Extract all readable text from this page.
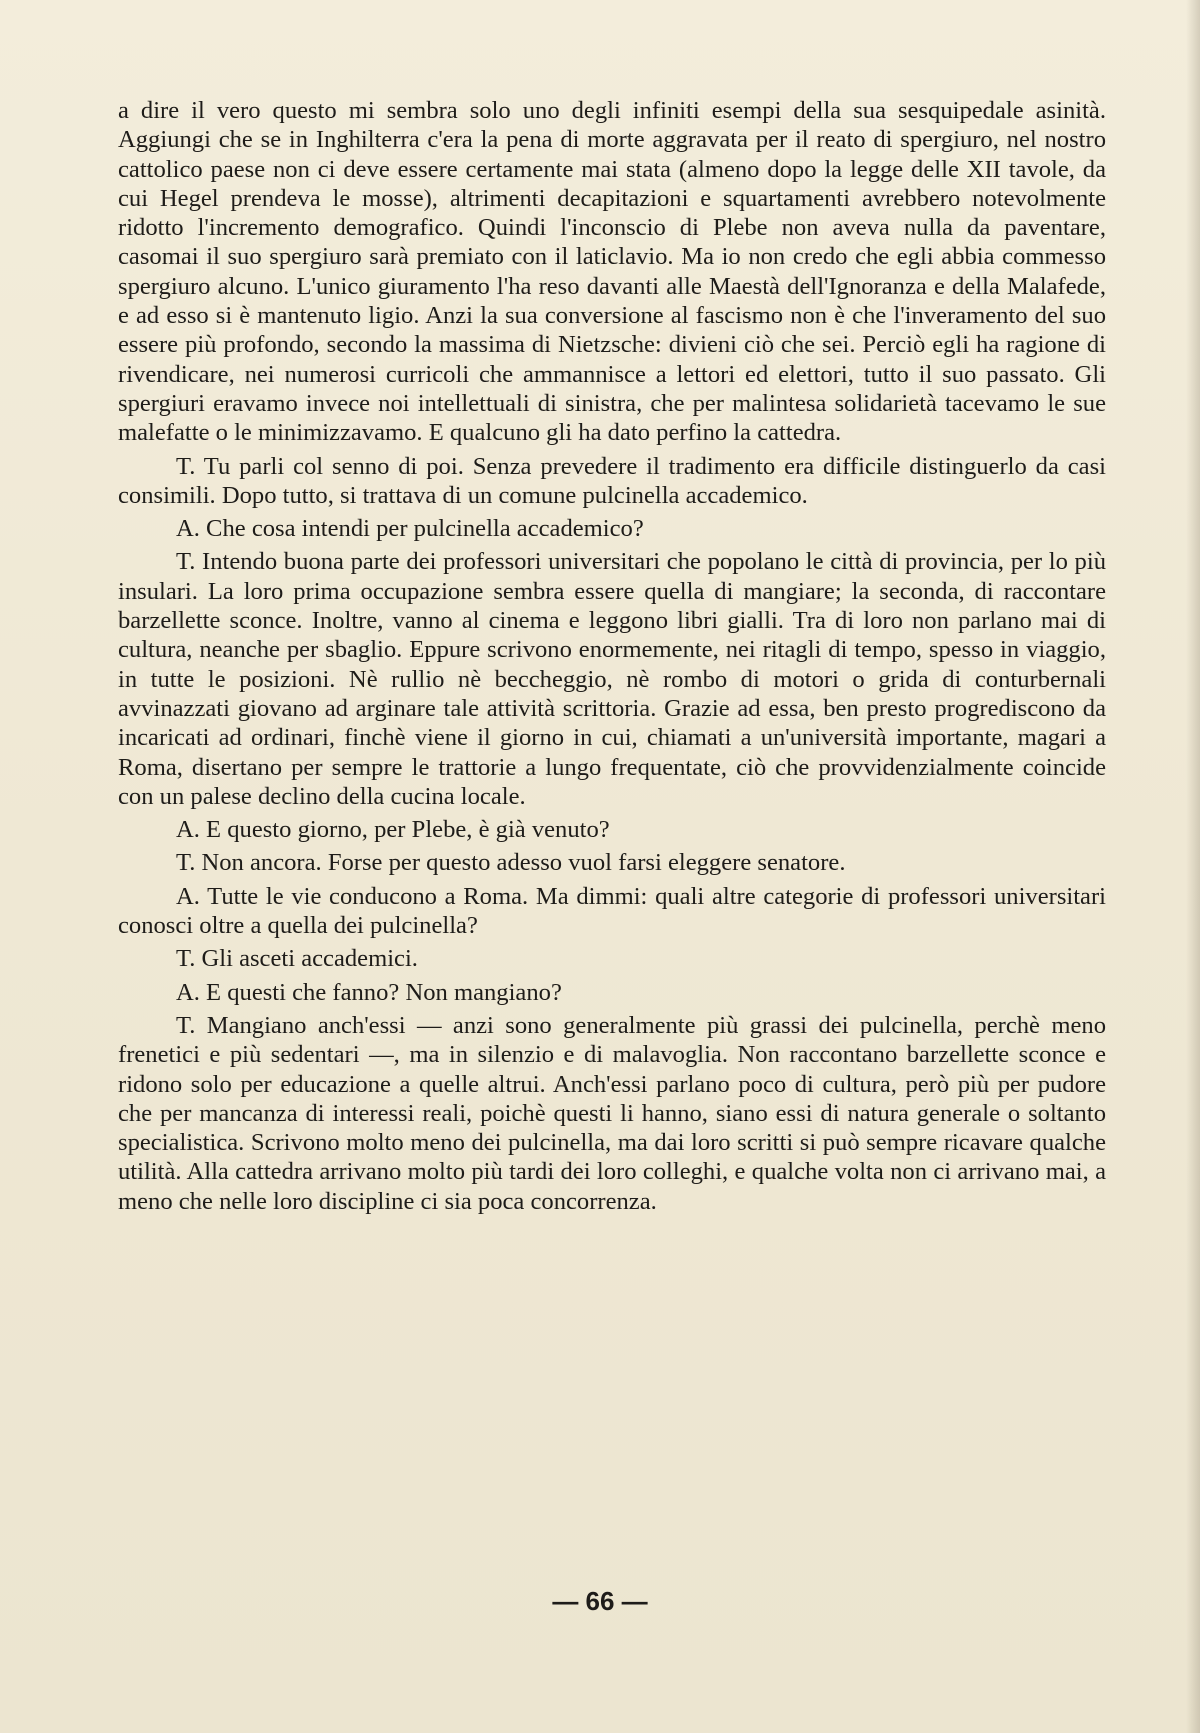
a dire il vero questo mi sembra solo uno degli infiniti esempi della sua sesquipedale asinità. Aggiungi che se in Inghilterra c'era la pena di morte aggravata per il reato di spergiuro, nel nostro cattolico paese non ci deve essere certamente mai stata (almeno dopo la legge delle XII tavole, da cui Hegel prendeva le mosse), altrimenti decapitazioni e squartamenti avrebbero notevolmente ridotto l'incremento demografico. Quindi l'inconscio di Plebe non aveva nulla da paventare, casomai il suo spergiuro sarà premiato con il laticlavio. Ma io non credo che egli abbia commesso spergiuro alcuno. L'unico giuramento l'ha reso davanti alle Maestà dell'Ignoranza e della Malafede, e ad esso si è mantenuto ligio. Anzi la sua conversione al fascismo non è che l'inveramento del suo essere più profondo, secondo la massima di Nietzsche: divieni ciò che sei. Perciò egli ha ragione di rivendicare, nei numerosi curricoli che ammannisce a lettori ed elettori, tutto il suo passato. Gli spergiuri eravamo invece noi intellettuali di sinistra, che per malintesa solidarietà tacevamo le sue malefatte o le minimizzavamo. E qualcuno gli ha dato perfino la cattedra.

T. Tu parli col senno di poi. Senza prevedere il tradimento era difficile distinguerlo da casi consimili. Dopo tutto, si trattava di un comune pulcinella accademico.

A. Che cosa intendi per pulcinella accademico?

T. Intendo buona parte dei professori universitari che popolano le città di provincia, per lo più insulari. La loro prima occupazione sembra essere quella di mangiare; la seconda, di raccontare barzellette sconce. Inoltre, vanno al cinema e leggono libri gialli. Tra di loro non parlano mai di cultura, neanche per sbaglio. Eppure scrivono enormemente, nei ritagli di tempo, spesso in viaggio, in tutte le posizioni. Nè rullio nè beccheggio, nè rombo di motori o grida di conturbernali avvinazzati giovano ad arginare tale attività scrittoria. Grazie ad essa, ben presto progrediscono da incaricati ad ordinari, finchè viene il giorno in cui, chiamati a un'università importante, magari a Roma, disertano per sempre le trattorie a lungo frequentate, ciò che provvidenzialmente coincide con un palese declino della cucina locale.

A. E questo giorno, per Plebe, è già venuto?

T. Non ancora. Forse per questo adesso vuol farsi eleggere senatore.

A. Tutte le vie conducono a Roma. Ma dimmi: quali altre categorie di professori universitari conosci oltre a quella dei pulcinella?

T. Gli asceti accademici.

A. E questi che fanno? Non mangiano?

T. Mangiano anch'essi — anzi sono generalmente più grassi dei pulcinella, perchè meno frenetici e più sedentari —, ma in silenzio e di malavoglia. Non raccontano barzellette sconce e ridono solo per educazione a quelle altrui. Anch'essi parlano poco di cultura, però più per pudore che per mancanza di interessi reali, poichè questi li hanno, siano essi di natura generale o soltanto specialistica. Scrivono molto meno dei pulcinella, ma dai loro scritti si può sempre ricavare qualche utilità. Alla cattedra arrivano molto più tardi dei loro colleghi, e qualche volta non ci arrivano mai, a meno che nelle loro discipline ci sia poca concorrenza.

— 66 —
